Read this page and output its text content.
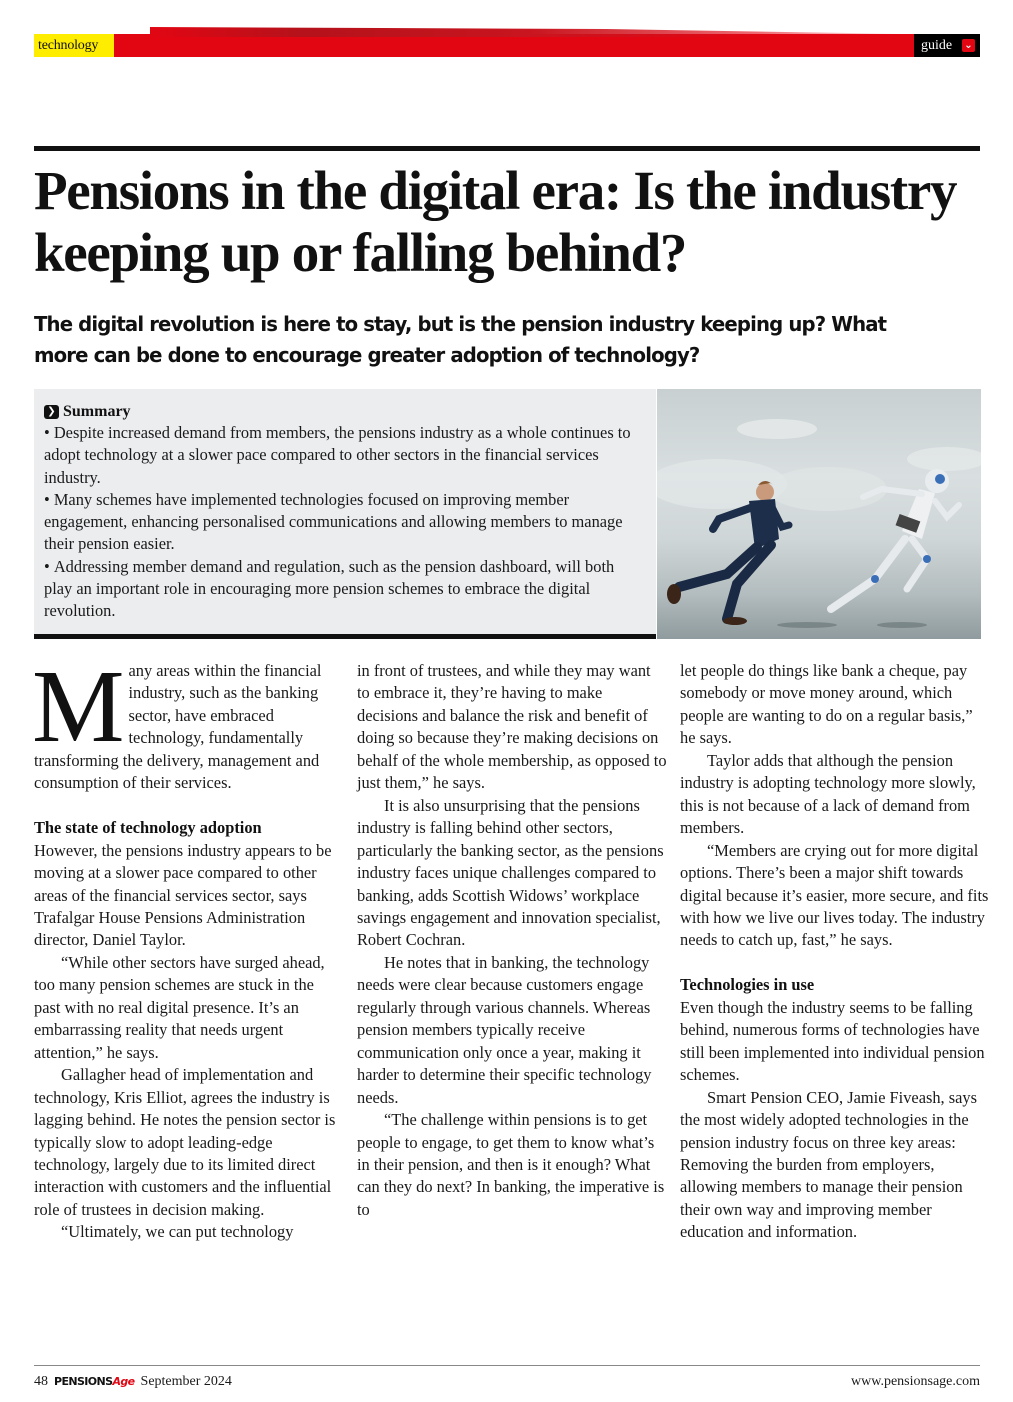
technology	guide ⌄
Pensions in the digital era: Is the industry keeping up or falling behind?
The digital revolution is here to stay, but is the pension industry keeping up? What more can be done to encourage greater adoption of technology?
❯ Summary
• Despite increased demand from members, the pensions industry as a whole continues to adopt technology at a slower pace compared to other sectors in the financial services industry.
• Many schemes have implemented technologies focused on improving member engagement, enhancing personalised communications and allowing members to manage their pension easier.
• Addressing member demand and regulation, such as the pension dashboard, will both play an important role in encouraging more pension schemes to embrace the digital revolution.

Many areas within the financial industry, such as the banking sector, have embraced technology, fundamentally transforming the delivery, management and consumption of their services.

The state of technology adoption

However, the pensions industry appears to be moving at a slower pace compared to other areas of the financial services sector, says Trafalgar House Pensions Administration director, Daniel Taylor.

“While other sectors have surged ahead, too many pension schemes are stuck in the past with no real digital presence. It’s an embarrassing reality that needs urgent attention,” he says.

Gallagher head of implementation and technology, Kris Elliot, agrees the industry is lagging behind. He notes the pension sector is typically slow to adopt leading-edge technology, largely due to its limited direct interaction with customers and the influential role of trustees in decision making.

“Ultimately, we can put technology

in front of trustees, and while they may want to embrace it, they’re having to make decisions and balance the risk and benefit of doing so because they’re making decisions on behalf of the whole membership, as opposed to just them,” he says.

It is also unsurprising that the pensions industry is falling behind other sectors, particularly the banking sector, as the pensions industry faces unique challenges compared to banking, adds Scottish Widows’ workplace savings engagement and innovation specialist, Robert Cochran.

He notes that in banking, the technology needs were clear because customers engage regularly through various channels. Whereas pension members typically receive communication only once a year, making it harder to determine their specific technology needs.

“The challenge within pensions is to get people to engage, to get them to know what’s in their pension, and then is it enough? What can they do next? In banking, the imperative is to

let people do things like bank a cheque, pay somebody or move money around, which people are wanting to do on a regular basis,” he says.

Taylor adds that although the pension industry is adopting technology more slowly, this is not because of a lack of demand from members.

“Members are crying out for more digital options. There’s been a major shift towards digital because it’s easier, more secure, and fits with how we live our lives today. The industry needs to catch up, fast,” he says.

Technologies in use

Even though the industry seems to be falling behind, numerous forms of technologies have still been implemented into individual pension schemes.

Smart Pension CEO, Jamie Fiveash, says the most widely adopted technologies in the pension industry focus on three key areas: Removing the burden from employers, allowing members to manage their pension their own way and improving member education and information.

48 PENSIONSAge September 2024	www.pensionsage.com
